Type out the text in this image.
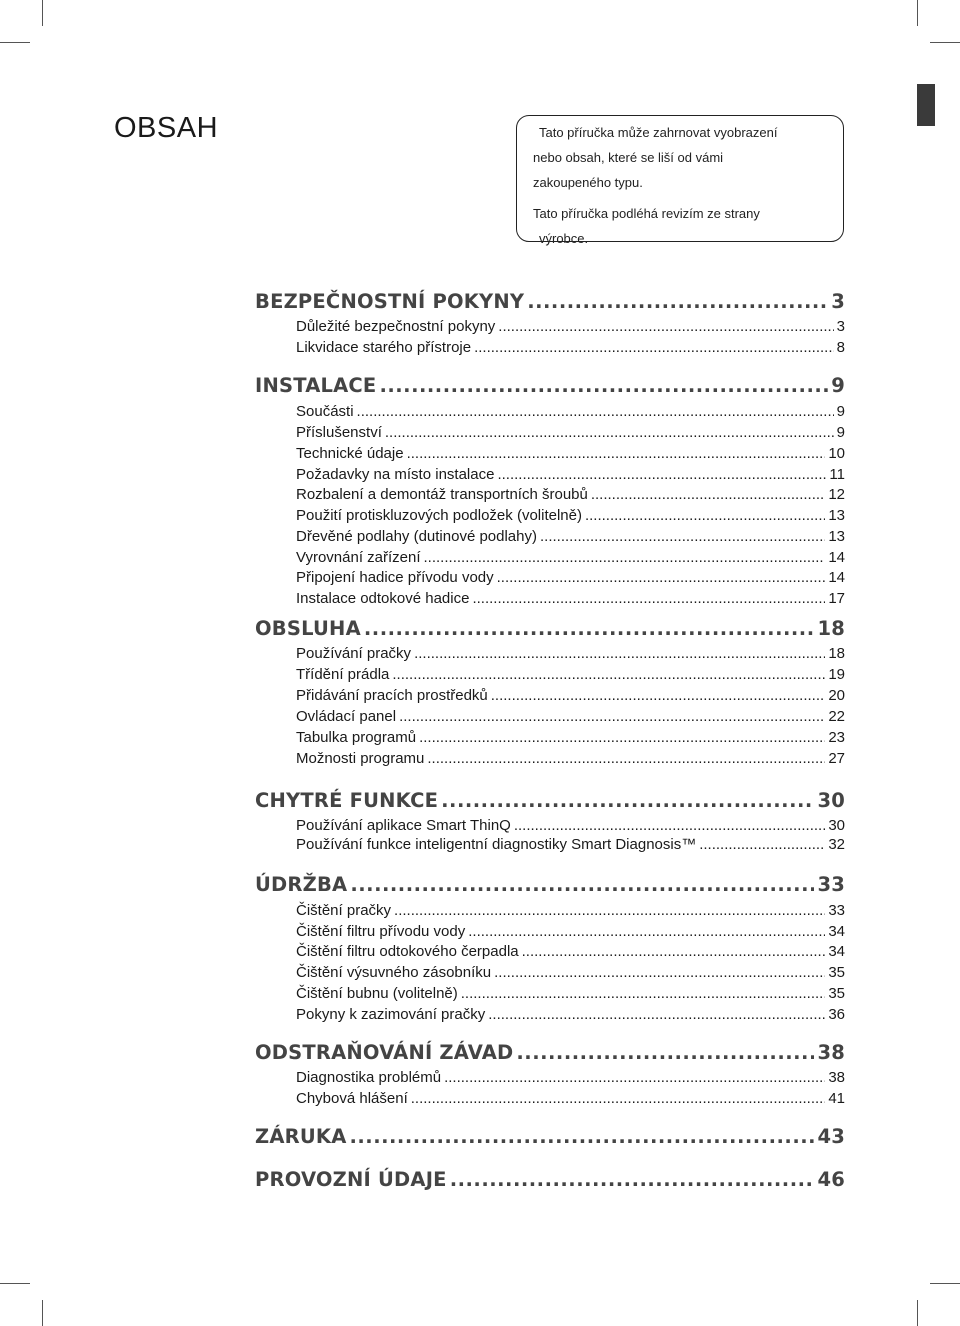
OBSAH	Tato příručka může zahrnovat vyobrazení

nebo obsah, které se liší od vámi

zakoupeného typu.

Tato příručka podléhá revizím ze strany

výrobce.

BEZPEČNOSTNÍ POKYNY .....	3
Důležité bezpečnostní pokyny .....	3
Likvidace starého přístroje .....	8
INSTALACE .....	9
Součásti .....	9
Příslušenství .....	9
Technické údaje .....	10
Požadavky na místo instalace .....	11
Rozbalení a demontáž transportních šroubů .....	12
Použití protiskluzových podložek (volitelně) .....	13
Dřevěné podlahy (dutinové podlahy) .....	13
Vyrovnání zařízení .....	14
Připojení hadice přívodu vody .....	14
Instalace odtokové hadice .....	17
OBSLUHA .....	18
Používání pračky .....	18
Třídění prádla .....	19
Přidávání pracích prostředků .....	20
Ovládací panel .....	22
Tabulka programů .....	23
Možnosti programu .....	27
CHYTRÉ FUNKCE .....	30
Používání aplikace Smart ThinQ .....	30
Používání funkce inteligentní diagnostiky Smart Diagnosis™ .....	32
ÚDRŽBA .....	33
Čištění pračky .....	33
Čištění filtru přívodu vody .....	34
Čištění filtru odtokového čerpadla .....	34
Čištění výsuvného zásobníku .....	35
Čištění bubnu (volitelně) .....	35
Pokyny k zazimování pračky .....	36
ODSTRAŇOVÁNÍ ZÁVAD .....	38
Diagnostika problémů .....	38
Chybová hlášení .....	41
ZÁRUKA .....	43
PROVOZNÍ ÚDAJE .....	46
